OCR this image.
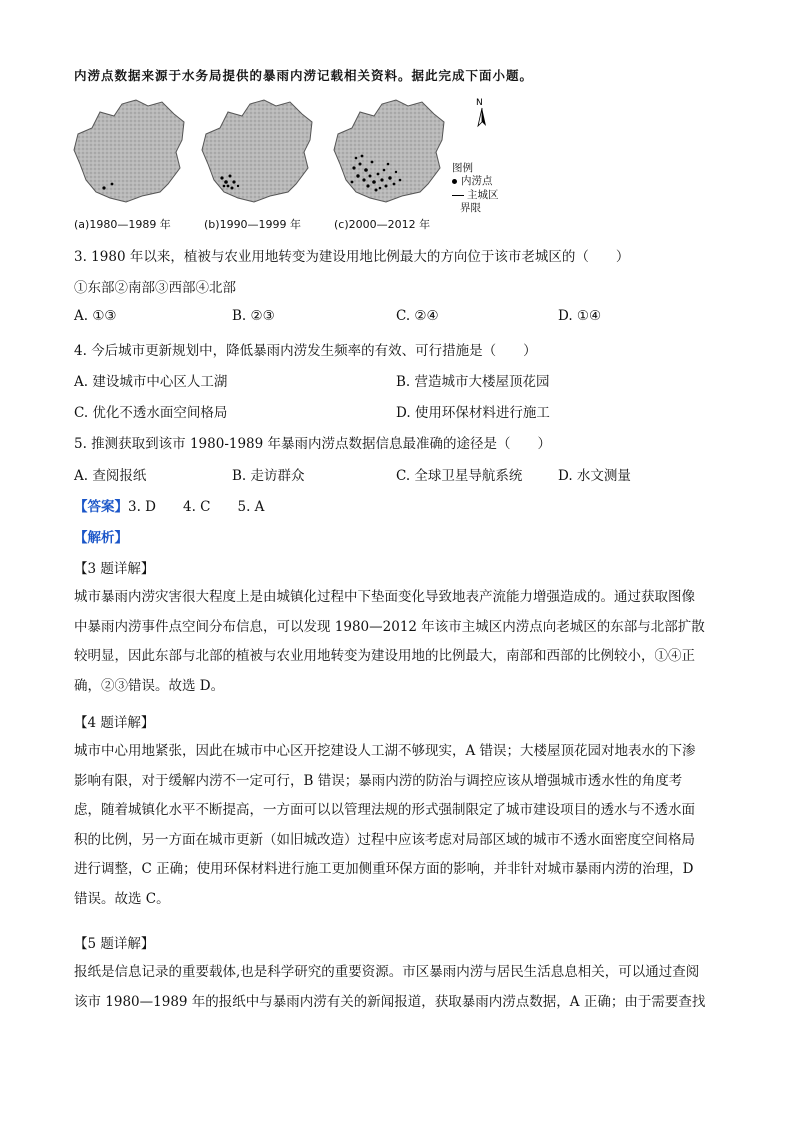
内涝点数据来源于水务局提供的暴雨内涝记载相关资料。据此完成下面小题。
(a)1980—1989 年	(b)1990—1999 年	(c)2000—2012 年
N
图例
内涝点
主城区
界限
3. 1980 年以来，植被与农业用地转变为建设用地比例最大的方向位于该市老城区的（　　）
①东部②南部③西部④北部
A. ①③	B. ②③	C. ②④	D. ①④
4. 今后城市更新规划中，降低暴雨内涝发生频率的有效、可行措施是（　　）
A. 建设城市中心区人工湖	B. 营造城市大楼屋顶花园
C. 优化不透水面空间格局	D. 使用环保材料进行施工
5. 推测获取到该市 1980-1989 年暴雨内涝点数据信息最准确的途径是（　　）
A. 查阅报纸	B. 走访群众	C. 全球卫星导航系统	D. 水文测量
【答案】3. D　　4. C　　5. A
【解析】
【3 题详解】
城市暴雨内涝灾害很大程度上是由城镇化过程中下垫面变化导致地表产流能力增强造成的。通过获取图像
中暴雨内涝事件点空间分布信息，可以发现 1980—2012 年该市主城区内涝点向老城区的东部与北部扩散
较明显，因此东部与北部的植被与农业用地转变为建设用地的比例最大，南部和西部的比例较小，①④正
确，②③错误。故选 D。
【4 题详解】
城市中心用地紧张，因此在城市中心区开挖建设人工湖不够现实，A 错误；大楼屋顶花园对地表水的下渗
影响有限，对于缓解内涝不一定可行，B 错误；暴雨内涝的防治与调控应该从增强城市透水性的角度考
虑，随着城镇化水平不断提高，一方面可以以管理法规的形式强制限定了城市建设项目的透水与不透水面
积的比例，另一方面在城市更新（如旧城改造）过程中应该考虑对局部区域的城市不透水面密度空间格局
进行调整，C 正确；使用环保材料进行施工更加侧重环保方面的影响，并非针对城市暴雨内涝的治理，D
错误。故选 C。
【5 题详解】
报纸是信息记录的重要载体,也是科学研究的重要资源。市区暴雨内涝与居民生活息息相关，可以通过查阅
该市 1980—1989 年的报纸中与暴雨内涝有关的新闻报道，获取暴雨内涝点数据，A 正确；由于需要查找
